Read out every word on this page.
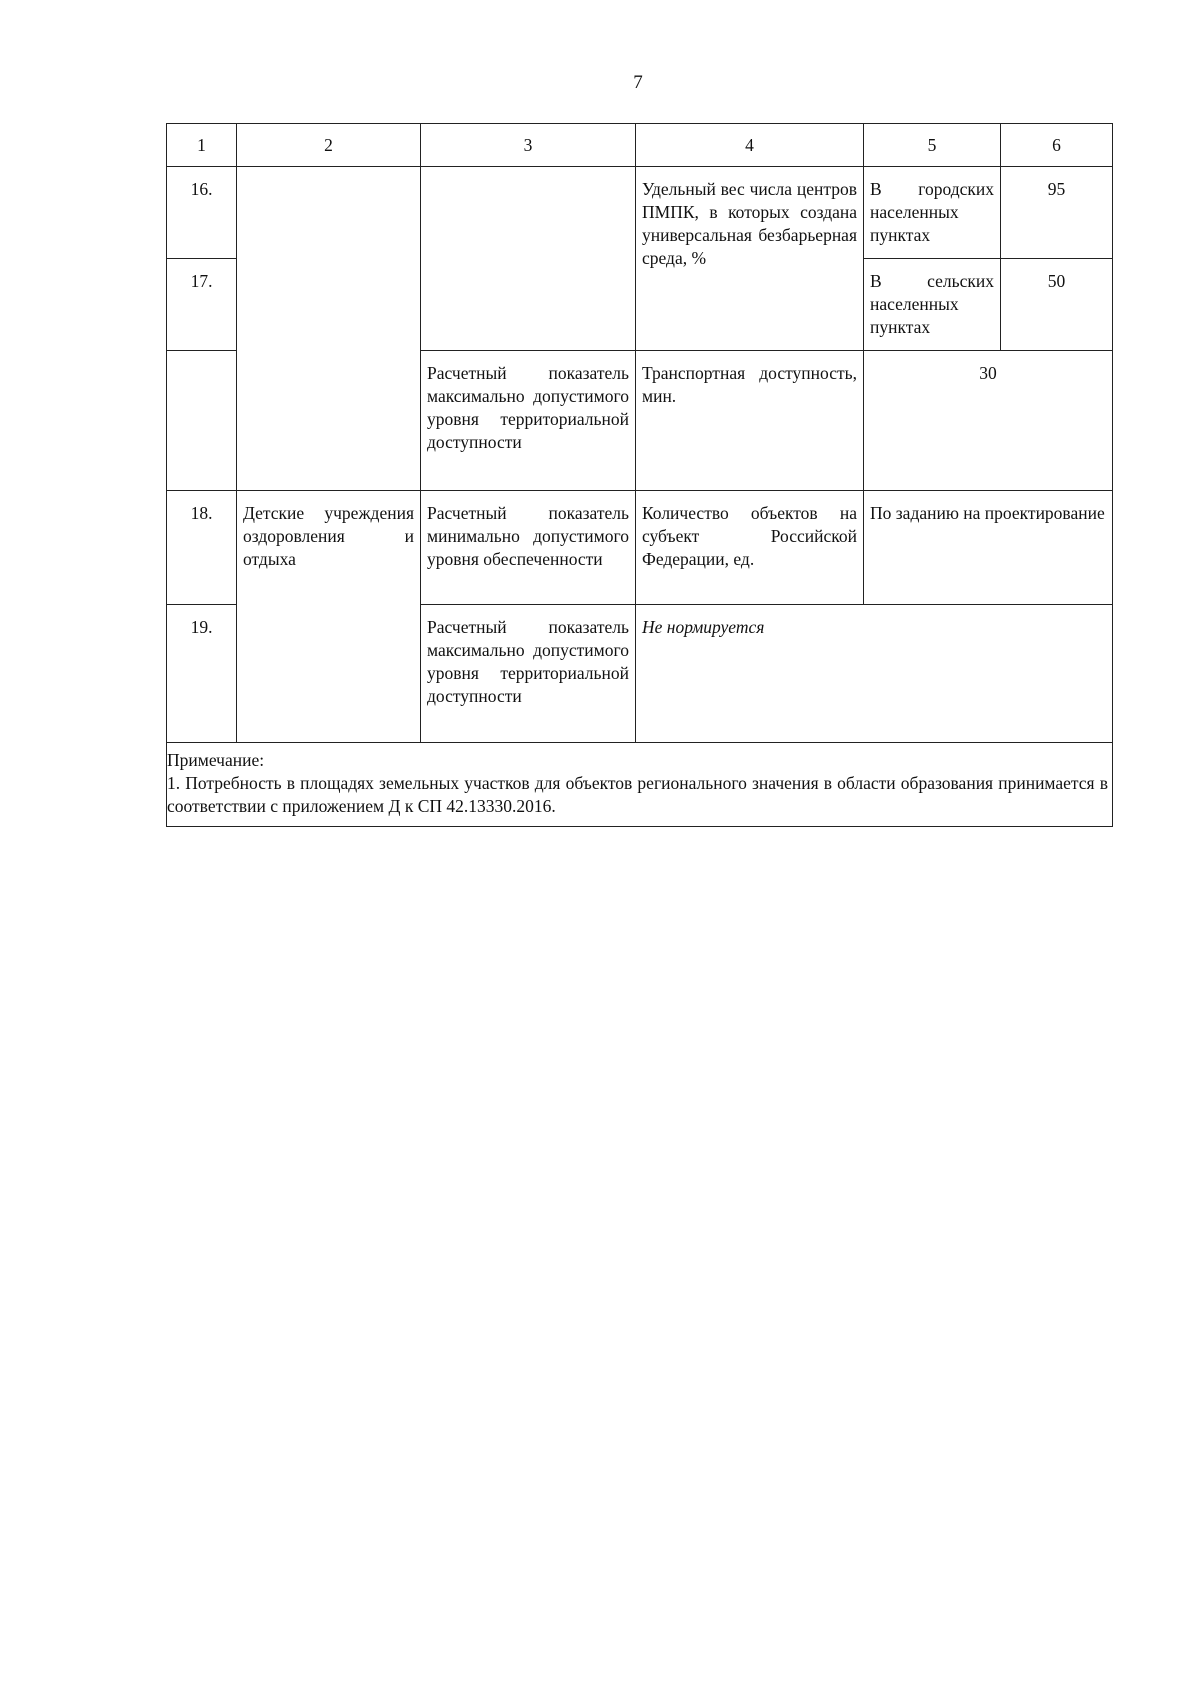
7
1	2	3	4	5	6
16.			Удельный вес числа центров ПМПК, в которых создана универсальная безбарьерная среда, %	В городских населенных пунктах	95
17.				В сельских населенных пунктах	50
		Расчетный показатель максимально допустимого уровня территориальной доступности	Транспортная доступность, мин.	30	
18.	Детские учреждения оздоровления и отдыха	Расчетный показатель минимально допустимого уровня обеспеченности	Количество объектов на субъект Российской Федерации, ед.	По заданию на проектирование	
19.		Расчетный показатель максимально допустимого уровня территориальной доступности	Не нормируется		

Примечание:
1. Потребность в площадях земельных участков для объектов регионального значения в области образования принимается в соответствии с приложением Д к СП 42.13330.2016.					
